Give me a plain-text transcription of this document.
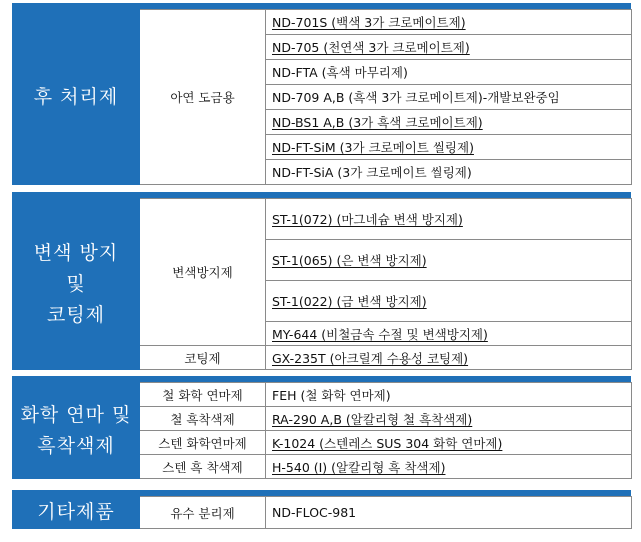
후 처리제	아연 도금용	ND-701S (백색 3가 크로메이트제)
ND-705 (천연색 3가 크로메이트제)
ND-FTA (흑색 마무리제)
ND-709 A,B (흑색 3가 크로메이트제)-개발보완중임
ND-BS1 A,B (3가 흑색 크로메이트제)
ND-FT-SiM (3가 크로메이트 씰링제)
ND-FT-SiA (3가 크로메이트 씰링제)
변색 방지
및
코팅제	변색방지제	ST-1(072) (마그네슘 변색 방지제)
		ST-1(065) (은 변색 방지제)
		ST-1(022) (금 변색 방지제)
		MY-644 (비철금속 수절 및 변색방지제)
	코팅제	GX-235T (아크릴계 수용성 코팅제)
화학 연마 및
흑착색제	철 화학 연마제	FEH (철 화학 연마제)
	철 흑착색제	RA-290 A,B (알칼리형 철 흑착색제)
	스텐 화학연마제	K-1024 (스텐레스 SUS 304 화학 연마제)
	스텐 흑 착색제	H-540 (I) (알칼리형 흑 착색제)
기타제품	유수 분리제	ND-FLOC-981
